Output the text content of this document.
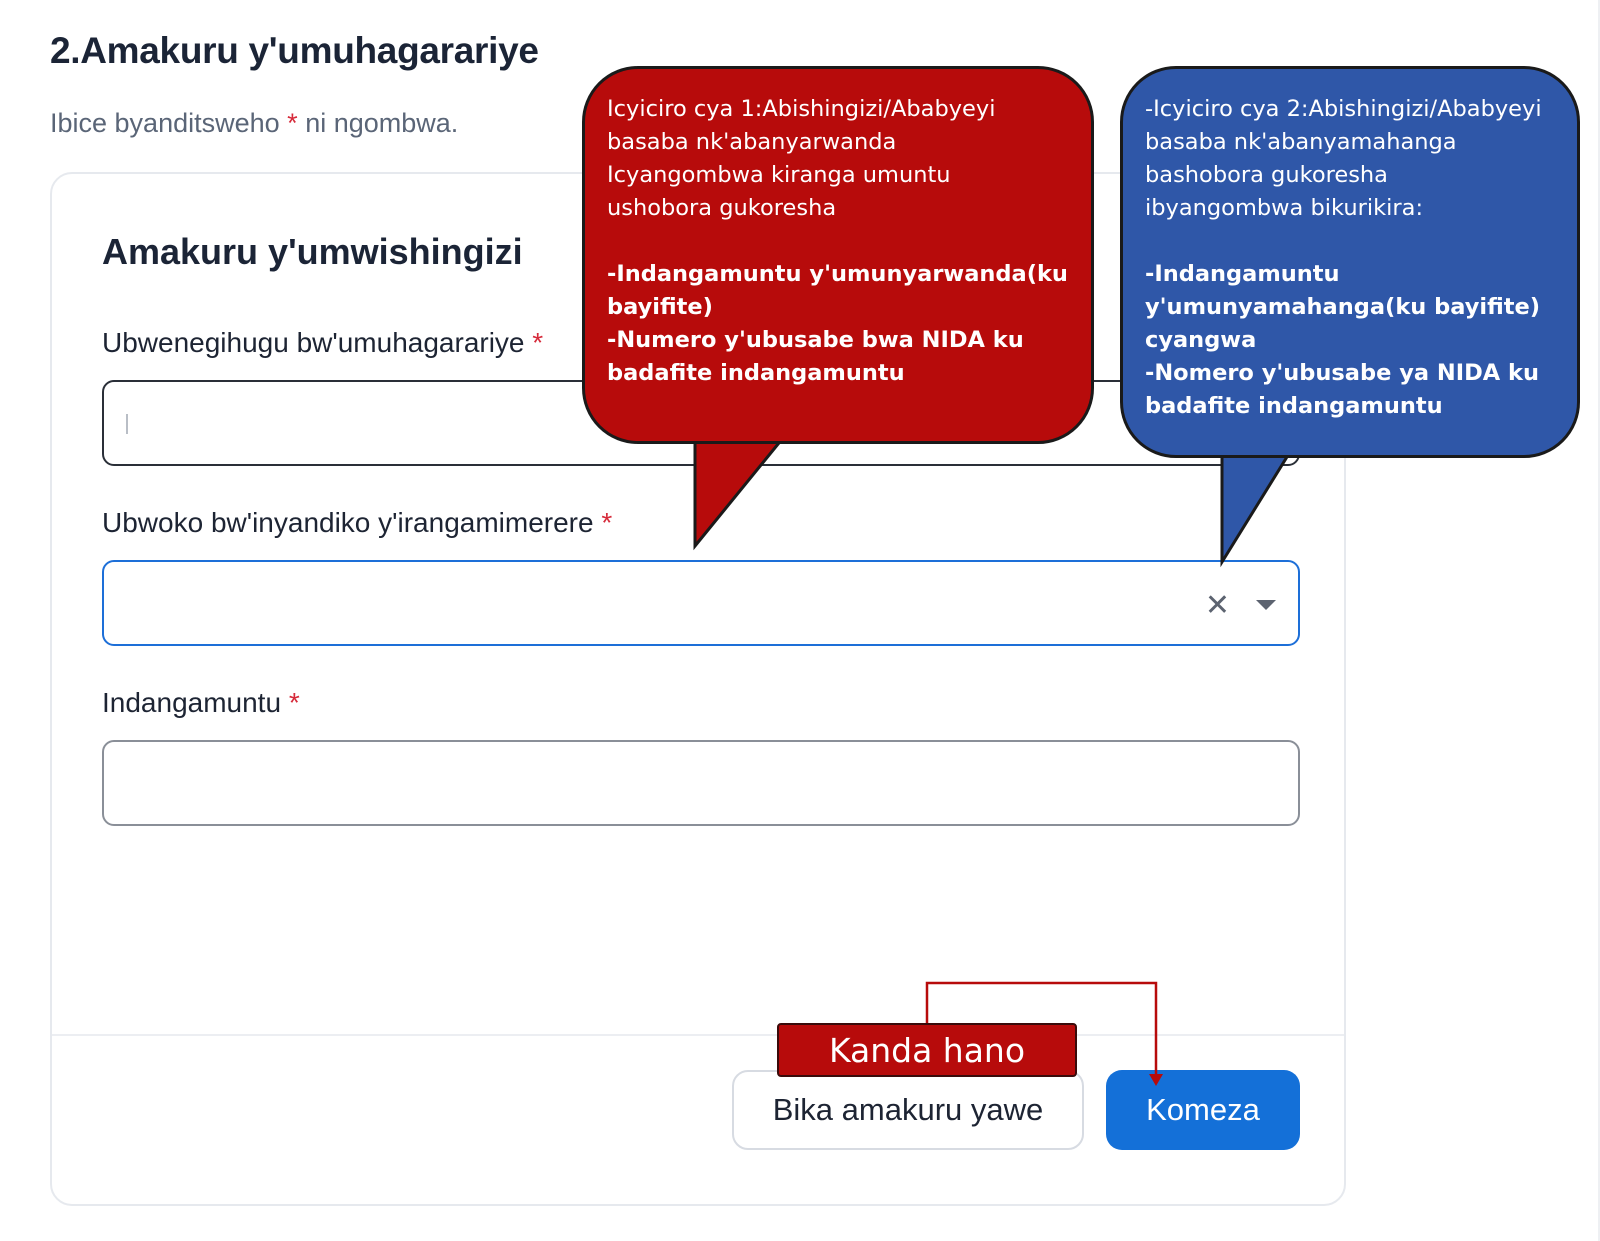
2.Amakuru y'umuhagarariye
Ibice byanditsweho * ni ngombwa.
Amakuru y'umwishingizi
Ubwenegihugu bw'umuhagarariye *
Ubwoko bw'inyandiko y'irangamimerere *
✕
Indangamuntu *
Bika amakuru yawe	Komeza

Icyiciro cya 1:Abishingizi/Ababyeyi

basaba nk'abanyarwanda

Icyangombwa kiranga umuntu

ushobora gukoresha

-Indangamuntu y'umunyarwanda(ku

bayifite)

-Numero y'ubusabe bwa NIDA ku

badafite indangamuntu

-Icyiciro cya 2:Abishingizi/Ababyeyi

basaba nk'abanyamahanga

bashobora gukoresha

ibyangombwa bikurikira:

-Indangamuntu

y'umunyamahanga(ku bayifite)

cyangwa

-Nomero y'ubusabe ya NIDA ku

badafite indangamuntu

Kanda hano
